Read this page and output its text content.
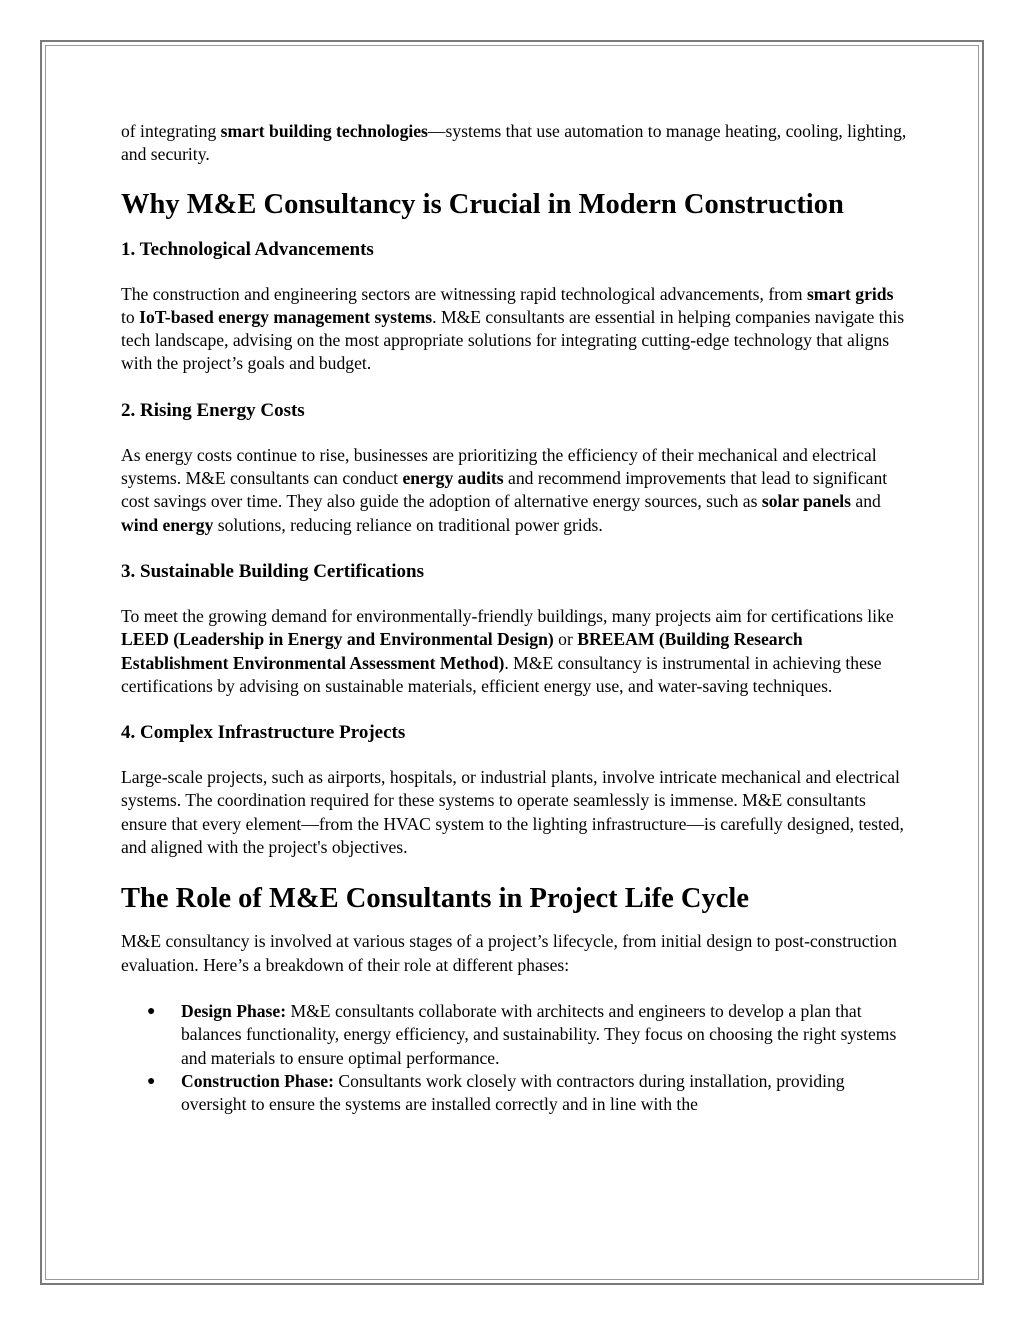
of integrating smart building technologies—systems that use automation to manage heating, cooling, lighting, and security.

Why M&E Consultancy is Crucial in Modern Construction
1. Technological Advancements

The construction and engineering sectors are witnessing rapid technological advancements, from smart grids to IoT-based energy management systems. M&E consultants are essential in helping companies navigate this tech landscape, advising on the most appropriate solutions for integrating cutting-edge technology that aligns with the project’s goals and budget.

2. Rising Energy Costs

As energy costs continue to rise, businesses are prioritizing the efficiency of their mechanical and electrical systems. M&E consultants can conduct energy audits and recommend improvements that lead to significant cost savings over time. They also guide the adoption of alternative energy sources, such as solar panels and wind energy solutions, reducing reliance on traditional power grids.

3. Sustainable Building Certifications

To meet the growing demand for environmentally-friendly buildings, many projects aim for certifications like LEED (Leadership in Energy and Environmental Design) or BREEAM (Building Research Establishment Environmental Assessment Method). M&E consultancy is instrumental in achieving these certifications by advising on sustainable materials, efficient energy use, and water-saving techniques.

4. Complex Infrastructure Projects

Large-scale projects, such as airports, hospitals, or industrial plants, involve intricate mechanical and electrical systems. The coordination required for these systems to operate seamlessly is immense. M&E consultants ensure that every element—from the HVAC system to the lighting infrastructure—is carefully designed, tested, and aligned with the project's objectives.

The Role of M&E Consultants in Project Life Cycle

M&E consultancy is involved at various stages of a project’s lifecycle, from initial design to post-construction evaluation. Here’s a breakdown of their role at different phases:

● Design Phase: M&E consultants collaborate with architects and engineers to develop a plan that balances functionality, energy efficiency, and sustainability. They focus on choosing the right systems and materials to ensure optimal performance.
● Construction Phase: Consultants work closely with contractors during installation, providing oversight to ensure the systems are installed correctly and in line with the
